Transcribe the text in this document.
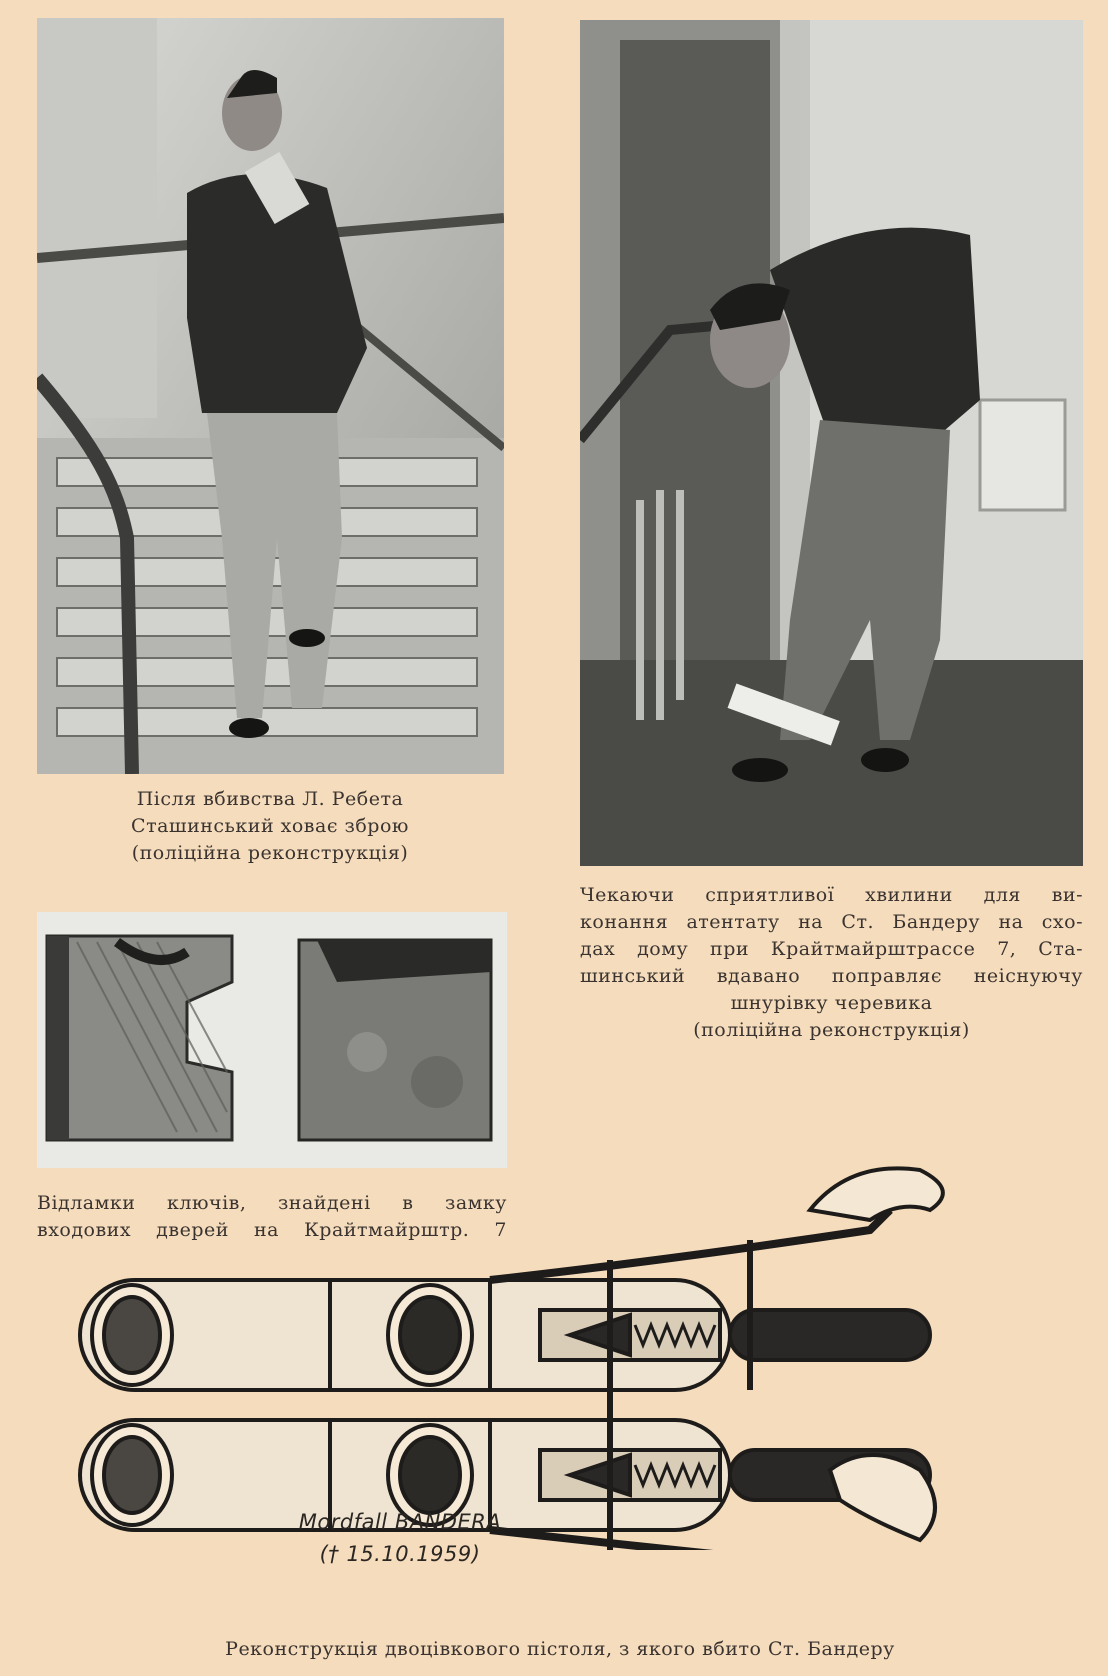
Після вбивства Л. Ребета
Сташинський ховає зброю
(поліційна реконструкція)
Чекаючи сприятливої хвилини для ви-
конання атентату на Ст. Бандеру на схо-
дах дому при Крайтмайрштрассе 7, Ста-
шинський вдавано поправляє неіснуючу
шнурівку черевика
(поліційна реконструкція)
Відламки ключів, знайдені в замку
входових дверей на Крайтмайрштр. 7
Mordfall BANDERA
(† 15.10.1959)
Реконструкція двоцівкового пістоля, з якого вбито Ст. Бандеру
